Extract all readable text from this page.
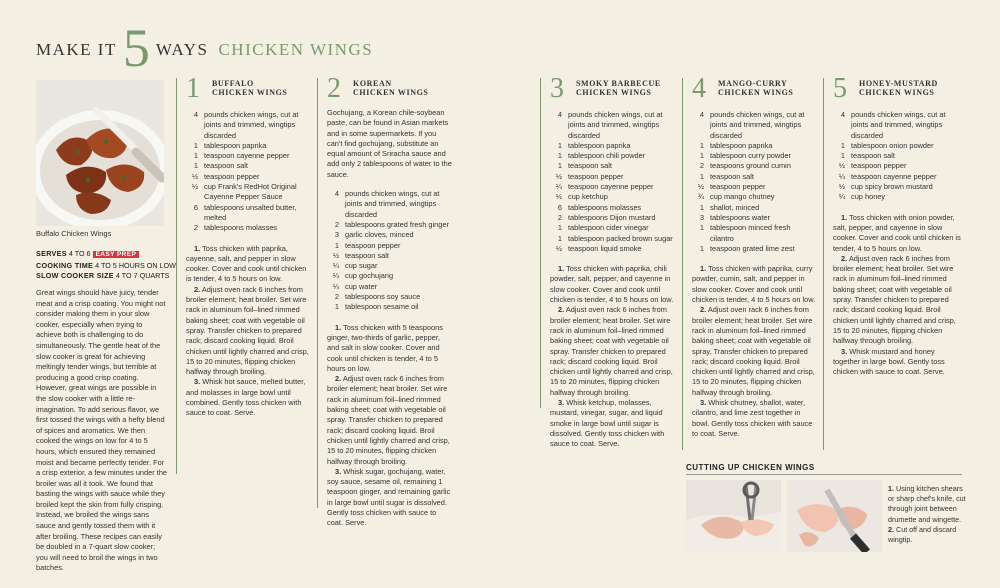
MAKE IT 5 WAYS CHICKEN WINGS
Buffalo Chicken Wings
SERVES 4 TO 6 EASY PREP
COOKING TIME 4 TO 5 HOURS ON LOW
SLOW COOKER SIZE 4 TO 7 QUARTS
Great wings should have juicy, tender meat and a crisp coating. You might not consider making them in your slow cooker, especially when trying to achieve both is challenging to do simultaneously. The gentle heat of the slow cooker is great for achieving meltingly tender wings, but terrible at producing a good crisp coating. However, great wings are possible in the slow cooker with a little re-imagination. To add serious flavor, we first tossed the wings with a hefty blend of spices and aromatics. We then cooked the wings on low for 4 to 5 hours, which ensured they remained moist and became perfectly tender. For a crisp exterior, a few minutes under the broiler was all it took. We found that basting the wings with sauce while they broiled kept the skin from fully crisping. Instead, we broiled the wings sans sauce and gently tossed them with it after broiling. These recipes can easily be doubled in a 7-quart slow cooker; you will need to broil the wings in two batches.
1	BUFFALO
CHICKEN WINGS
4 pounds chicken wings, cut at joints and trimmed, wingtips discarded
1 tablespoon paprika
1 teaspoon cayenne pepper
1 teaspoon salt
½ teaspoon pepper
½ cup Frank's RedHot Original Cayenne Pepper Sauce
6 tablespoons unsalted butter, melted
2 tablespoons molasses

1. Toss chicken with paprika, cayenne, salt, and pepper in slow cooker. Cover and cook until chicken is tender, 4 to 5 hours on low.

2. Adjust oven rack 6 inches from broiler element; heat broiler. Set wire rack in aluminum foil–lined rimmed baking sheet; coat with vegetable oil spray. Transfer chicken to prepared rack; discard cooking liquid. Broil chicken until lightly charred and crisp, 15 to 20 minutes, flipping chicken halfway through broiling.

3. Whisk hot sauce, melted butter, and molasses in large bowl until combined. Gently toss chicken with sauce to coat. Serve.

2	KOREAN
CHICKEN WINGS
Gochujang, a Korean chile-soybean paste, can be found in Asian markets and in some supermarkets. If you can't find gochujang, substitute an equal amount of Sriracha sauce and add only 2 tablespoons of water to the sauce.
4 pounds chicken wings, cut at joints and trimmed, wingtips discarded
2 tablespoons grated fresh ginger
3 garlic cloves, minced
1 teaspoon pepper
½ teaspoon salt
¼ cup sugar
¼ cup gochujang
¼ cup water
2 tablespoons soy sauce
1 tablespoon sesame oil

1. Toss chicken with 5 teaspoons ginger, two-thirds of garlic, pepper, and salt in slow cooker. Cover and cook until chicken is tender, 4 to 5 hours on low.

2. Adjust oven rack 6 inches from broiler element; heat broiler. Set wire rack in aluminum foil–lined rimmed baking sheet; coat with vegetable oil spray. Transfer chicken to prepared rack; discard cooking liquid. Broil chicken until lightly charred and crisp, 15 to 20 minutes, flipping chicken halfway through broiling.

3. Whisk sugar, gochujang, water, soy sauce, sesame oil, remaining 1 teaspoon ginger, and remaining garlic in large bowl until sugar is dissolved. Gently toss chicken with sauce to coat. Serve.

3	SMOKY BARBECUE
CHICKEN WINGS
4 pounds chicken wings, cut at joints and trimmed, wingtips discarded
1 tablespoon paprika
1 tablespoon chili powder
1 teaspoon salt
½ teaspoon pepper
¼ teaspoon cayenne pepper
½ cup ketchup
6 tablespoons molasses
2 tablespoons Dijon mustard
1 tablespoon cider vinegar
1 tablespoon packed brown sugar
½ teaspoon liquid smoke

1. Toss chicken with paprika, chili powder, salt, pepper, and cayenne in slow cooker. Cover and cook until chicken is tender, 4 to 5 hours on low.

2. Adjust oven rack 6 inches from broiler element; heat broiler. Set wire rack in aluminum foil–lined rimmed baking sheet; coat with vegetable oil spray. Transfer chicken to prepared rack; discard cooking liquid. Broil chicken until lightly charred and crisp, 15 to 20 minutes, flipping chicken halfway through broiling.

3. Whisk ketchup, molasses, mustard, vinegar, sugar, and liquid smoke in large bowl until sugar is dissolved. Gently toss chicken with sauce to coat. Serve.

4	MANGO-CURRY
CHICKEN WINGS
4 pounds chicken wings, cut at joints and trimmed, wingtips discarded
1 tablespoon paprika
1 tablespoon curry powder
2 teaspoons ground cumin
1 teaspoon salt
½ teaspoon pepper
¾ cup mango chutney
1 shallot, minced
3 tablespoons water
1 tablespoon minced fresh cilantro
1 teaspoon grated lime zest

1. Toss chicken with paprika, curry powder, cumin, salt, and pepper in slow cooker. Cover and cook until chicken is tender, 4 to 5 hours on low.

2. Adjust oven rack 6 inches from broiler element; heat broiler. Set wire rack in aluminum foil–lined rimmed baking sheet; coat with vegetable oil spray. Transfer chicken to prepared rack; discard cooking liquid. Broil chicken until lightly charred and crisp, 15 to 20 minutes, flipping chicken halfway through broiling.

3. Whisk chutney, shallot, water, cilantro, and lime zest together in bowl. Gently toss chicken with sauce to coat. Serve.

5	HONEY-MUSTARD
CHICKEN WINGS
4 pounds chicken wings, cut at joints and trimmed, wingtips discarded
1 tablespoon onion powder
1 teaspoon salt
½ teaspoon pepper
¼ teaspoon cayenne pepper
½ cup spicy brown mustard
¼ cup honey

1. Toss chicken with onion powder, salt, pepper, and cayenne in slow cooker. Cover and cook until chicken is tender, 4 to 5 hours on low.

2. Adjust oven rack 6 inches from broiler element; heat broiler. Set wire rack in aluminum foil–lined rimmed baking sheet; coat with vegetable oil spray. Transfer chicken to prepared rack; discard cooking liquid. Broil chicken until lightly charred and crisp, 15 to 20 minutes, flipping chicken halfway through broiling.

3. Whisk mustard and honey together in large bowl. Gently toss chicken with sauce to coat. Serve.

CUTTING UP CHICKEN WINGS
1. Using kitchen shears or sharp chef's knife, cut through joint between drumette and wingette.
2. Cut off and discard wingtip.
